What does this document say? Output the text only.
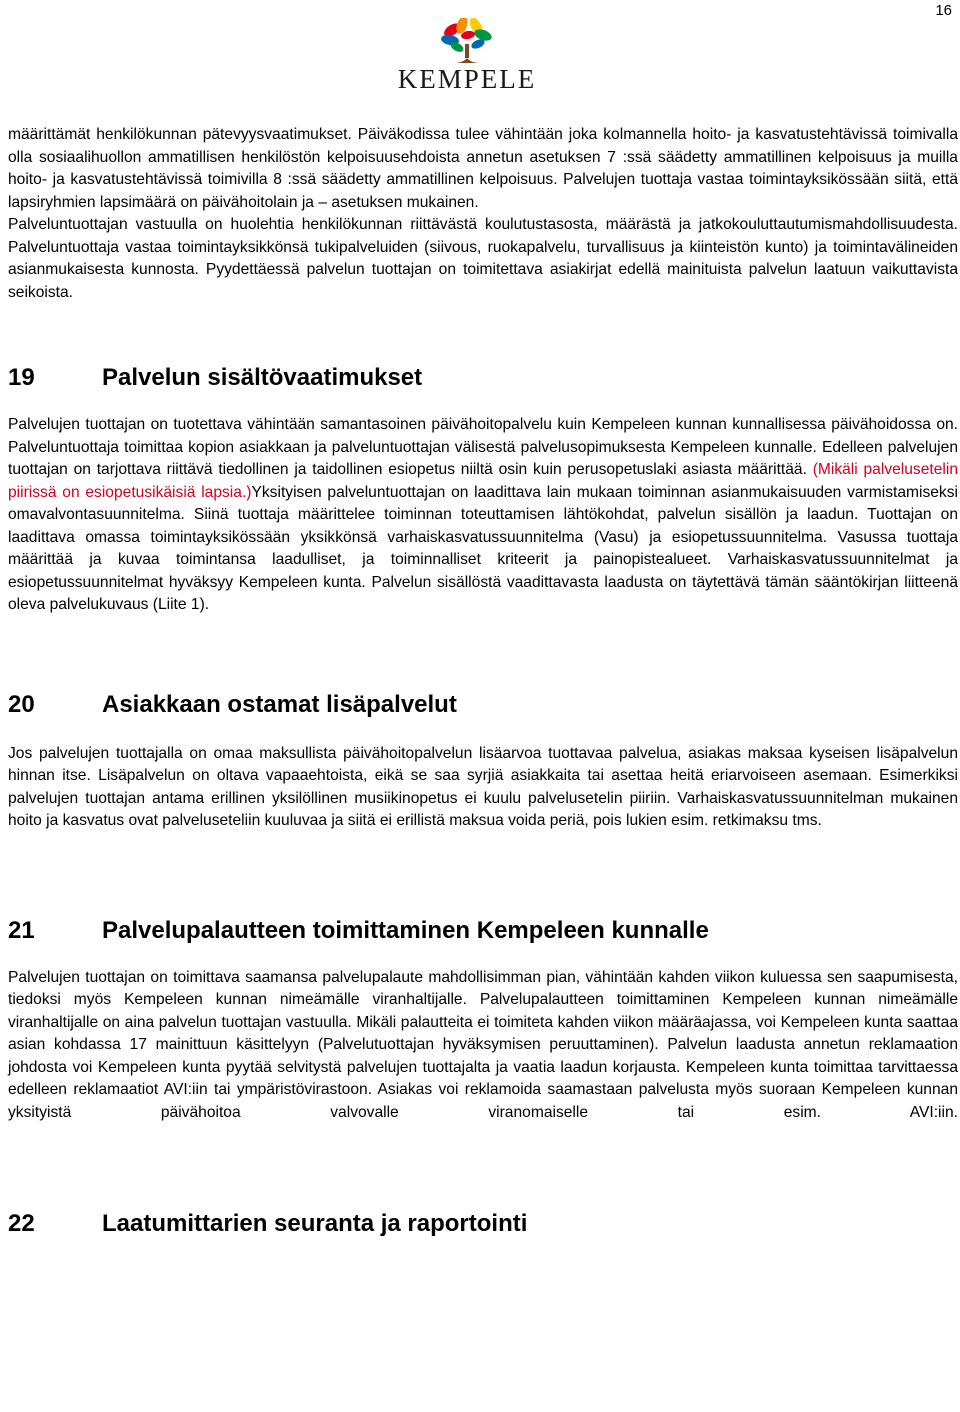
16
KEMPELE

määrittämät henkilökunnan pätevyysvaatimukset. Päiväkodissa tulee vähintään joka kolmannella hoito- ja kasvatustehtävissä toimivalla olla sosiaalihuollon ammatillisen henkilöstön kelpoisuusehdoista annetun asetuksen 7 :ssä säädetty ammatillinen kelpoisuus ja muilla hoito- ja kasvatustehtävissä toimivilla 8 :ssä säädetty ammatillinen kelpoisuus. Palvelujen tuottaja vastaa toimintayksikössään siitä, että lapsiryhmien lapsimäärä on päivähoitolain ja – asetuksen mukainen.

Palveluntuottajan vastuulla on huolehtia henkilökunnan riittävästä koulutustasosta, määrästä ja jatkokouluttautumismahdollisuudesta. Palveluntuottaja vastaa toimintayksikkönsä tukipalveluiden (siivous, ruokapalvelu, turvallisuus ja kiinteistön kunto) ja toimintavälineiden asianmukaisesta kunnosta. Pyydettäessä palvelun tuottajan on toimitettava asiakirjat edellä mainituista palvelun laatuun vaikuttavista seikoista.

19	Palvelun sisältövaatimukset

Palvelujen tuottajan on tuotettava vähintään samantasoinen päivähoitopalvelu kuin Kempeleen kunnan kunnallisessa päivähoidossa on. Palveluntuottaja toimittaa kopion asiakkaan ja palveluntuottajan välisestä palvelusopimuksesta Kempeleen kunnalle. Edelleen palvelujen tuottajan on tarjottava riittävä tiedollinen ja taidollinen esiopetus niiltä osin kuin perusopetuslaki asiasta määrittää. (Mikäli palvelusetelin piirissä on esiopetusikäisiä lapsia.)Yksityisen palveluntuottajan on laadittava lain mukaan toiminnan asianmukaisuuden varmistamiseksi omavalvontasuunnitelma. Siinä tuottaja määrittelee toiminnan toteuttamisen lähtökohdat, palvelun sisällön ja laadun. Tuottajan on laadittava omassa toimintayksikössään yksikkönsä varhaiskasvatussuunnitelma (Vasu) ja esiopetussuunnitelma. Vasussa tuottaja määrittää ja kuvaa toimintansa laadulliset, ja toiminnalliset kriteerit ja painopistealueet. Varhaiskasvatussuunnitelmat ja esiopetussuunnitelmat hyväksyy Kempeleen kunta. Palvelun sisällöstä vaadittavasta laadusta on täytettävä tämän sääntökirjan liitteenä oleva palvelukuvaus (Liite 1).

20	Asiakkaan ostamat lisäpalvelut

Jos palvelujen tuottajalla on omaa maksullista päivähoitopalvelun lisäarvoa tuottavaa palvelua, asiakas maksaa kyseisen lisäpalvelun hinnan itse. Lisäpalvelun on oltava vapaaehtoista, eikä se saa syrjiä asiakkaita tai asettaa heitä eriarvoiseen asemaan. Esimerkiksi palvelujen tuottajan antama erillinen yksilöllinen musiikinopetus ei kuulu palvelusetelin piiriin. Varhaiskasvatussuunnitelman mukainen hoito ja kasvatus ovat palveluseteliin kuuluvaa ja siitä ei erillistä maksua voida periä, pois lukien esim. retkimaksu tms.

21	Palvelupalautteen toimittaminen Kempeleen kunnalle

Palvelujen tuottajan on toimittava saamansa palvelupalaute mahdollisimman pian, vähintään kahden viikon kuluessa sen saapumisesta, tiedoksi myös Kempeleen kunnan nimeämälle viranhaltijalle. Palvelupalautteen toimittaminen Kempeleen kunnan nimeämälle viranhaltijalle on aina palvelun tuottajan vastuulla. Mikäli palautteita ei toimiteta kahden viikon määräajassa, voi Kempeleen kunta saattaa asian kohdassa 17 mainittuun käsittelyyn (Palvelutuottajan hyväksymisen peruuttaminen). Palvelun laadusta annetun reklamaation johdosta voi Kempeleen kunta pyytää selvitystä palvelujen tuottajalta ja vaatia laadun korjausta. Kempeleen kunta toimittaa tarvittaessa edelleen reklamaatiot AVI:iin tai ympäristövirastoon. Asiakas voi reklamoida saamastaan palvelusta myös suoraan Kempeleen kunnan yksityistä päivähoitoa valvovalle viranomaiselle tai esim. AVI:iin.

22	Laatumittarien seuranta ja raportointi
